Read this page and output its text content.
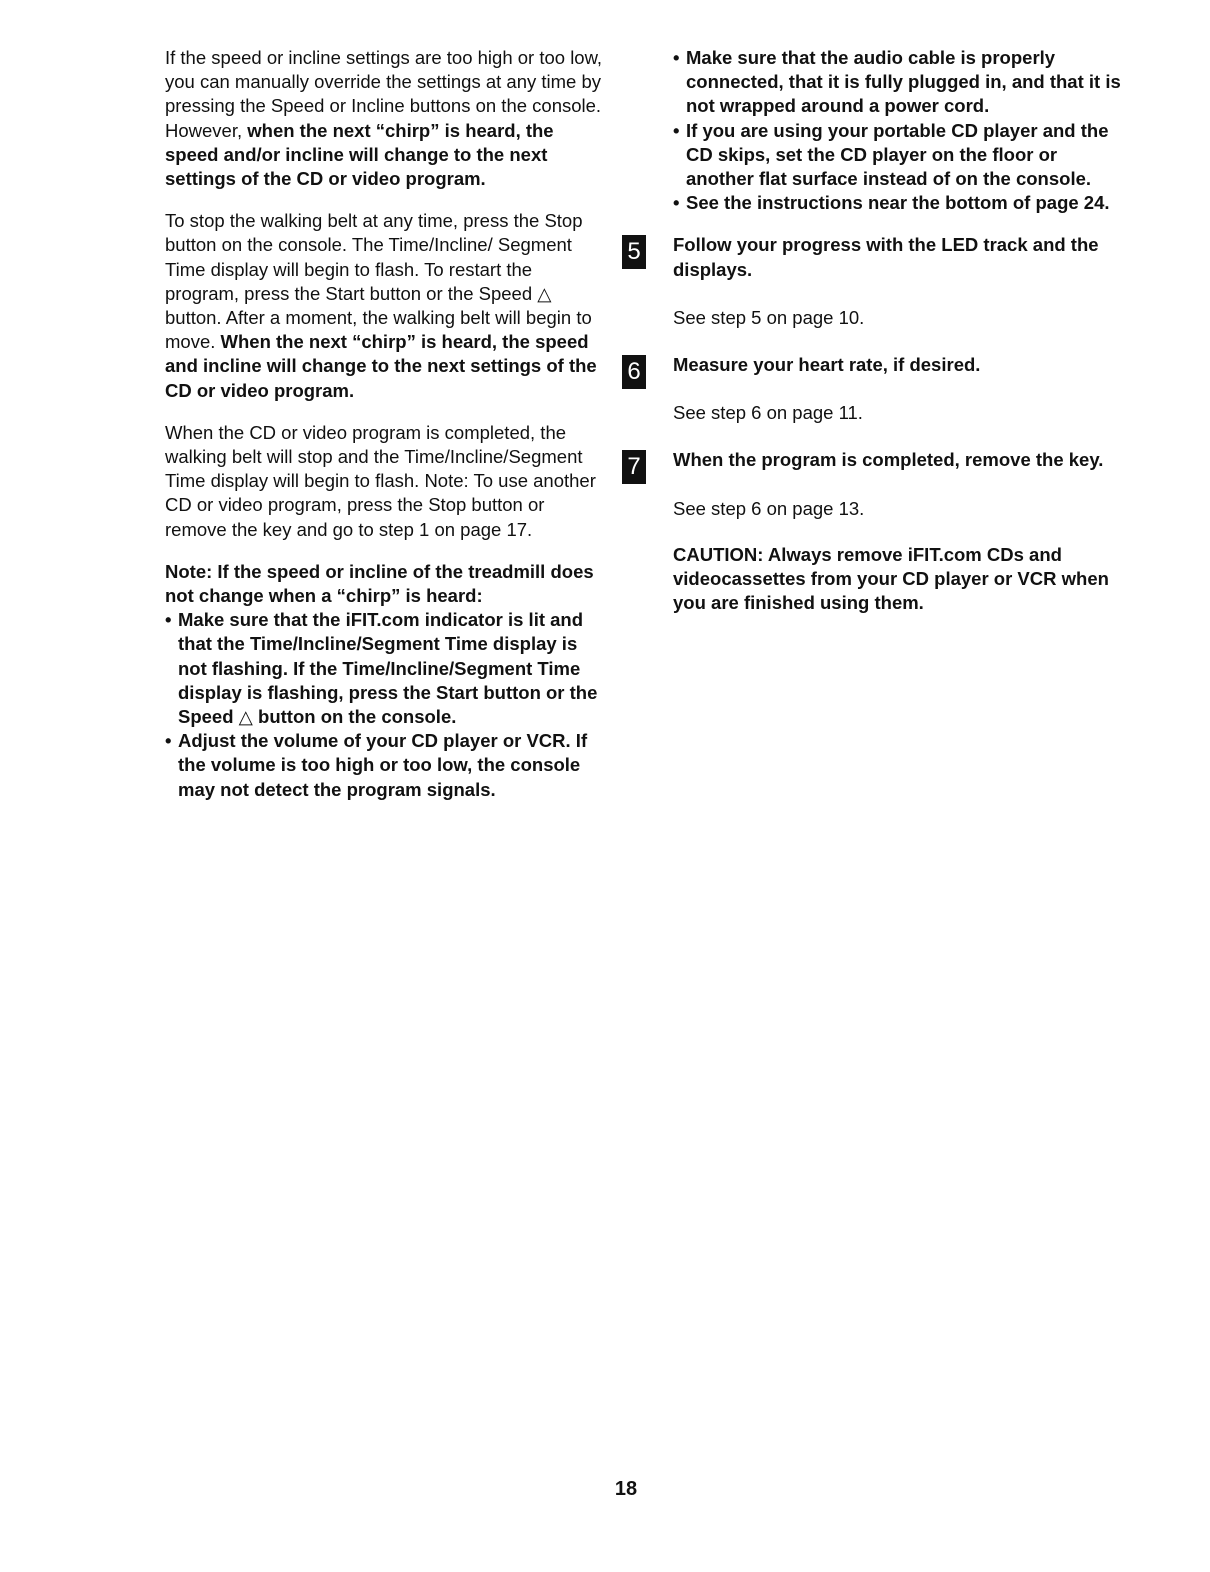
If the speed or incline settings are too high or too low, you can manually override the settings at any time by pressing the Speed or Incline buttons on the console. However, when the next “chirp” is heard, the speed and/or incline will change to the next settings of the CD or video program.

To stop the walking belt at any time, press the Stop button on the console. The Time/Incline/ Segment Time display will begin to flash. To restart the program, press the Start button or the Speed △ button. After a moment, the walking belt will begin to move. When the next “chirp” is heard, the speed and incline will change to the next settings of the CD or video program.

When the CD or video program is completed, the walking belt will stop and the Time/Incline/Segment Time display will begin to flash. Note: To use another CD or video program, press the Stop button or remove the key and go to step 1 on page 17.

Note: If the speed or incline of the treadmill does not change when a “chirp” is heard:

• Make sure that the iFIT.com indicator is lit and that the Time/Incline/Segment Time display is not flashing. If the Time/Incline/Segment Time display is flashing, press the Start button or the Speed △ button on the console.
• Adjust the volume of your CD player or VCR. If the volume is too high or too low, the console may not detect the program signals.
• Make sure that the audio cable is properly connected, that it is fully plugged in, and that it is not wrapped around a power cord.
• If you are using your portable CD player and the CD skips, set the CD player on the floor or another flat surface instead of on the console.
• See the instructions near the bottom of page 24.
5 Follow your progress with the LED track and the displays.

See step 5 on page 10.

6 Measure your heart rate, if desired.

See step 6 on page 11.

7 When the program is completed, remove the key.

See step 6 on page 13.

CAUTION: Always remove iFIT.com CDs and videocassettes from your CD player or VCR when you are finished using them.

18
